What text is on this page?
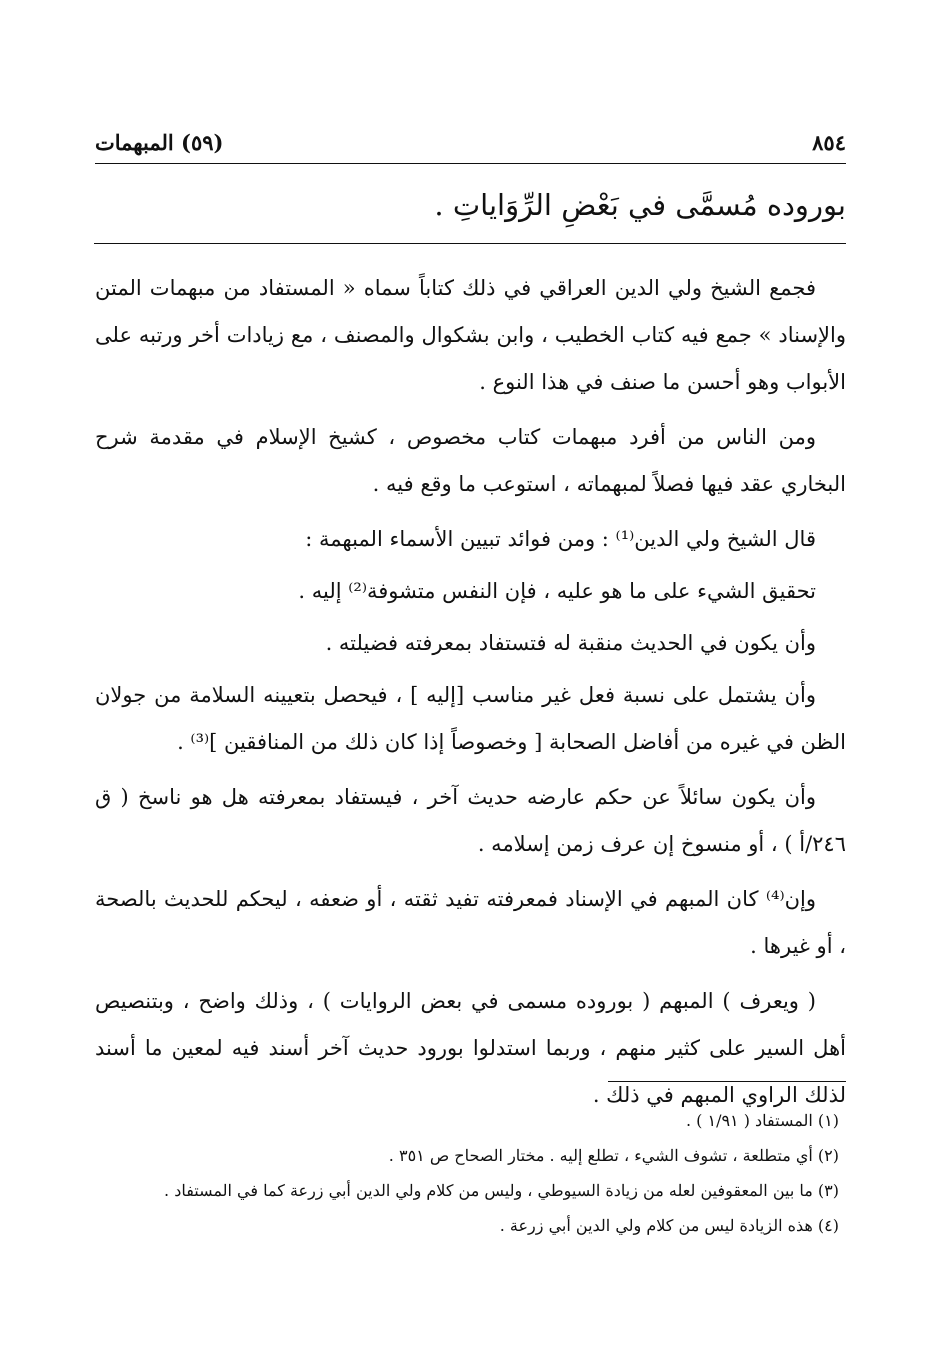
٨٥٤
(٥٩) المبهمات
بوروده مُسمَّى في بَعْضِ الرِّوَاياتِ .

فجمع الشيخ ولي الدين العراقي في ذلك كتاباً سماه « المستفاد من مبهمات المتن والإسناد » جمع فيه كتاب الخطيب ، وابن بشكوال والمصنف ، مع زيادات أخر ورتبه على الأبواب وهو أحسن ما صنف في هذا النوع .

ومن الناس من أفرد مبهمات كتاب مخصوص ، كشيخ الإسلام في مقدمة شرح البخاري عقد فيها فصلاً لمبهماته ، استوعب ما وقع فيه .

قال الشيخ ولي الدين⁽¹⁾ : ومن فوائد تبيين الأسماء المبهمة :

تحقيق الشيء على ما هو عليه ، فإن النفس متشوفة⁽²⁾ إليه .

وأن يكون في الحديث منقبة له فتستفاد بمعرفته فضيلته .

وأن يشتمل على نسبة فعل غير مناسب [إليه ] ، فيحصل بتعيينه السلامة من جولان الظن في غيره من أفاضل الصحابة [ وخصوصاً إذا كان ذلك من المنافقين ]⁽³⁾ .

وأن يكون سائلاً عن حكم عارضه حديث آخر ، فيستفاد بمعرفته هل هو ناسخ ( ق ٢٤٦/أ ) ، أو منسوخ إن عرف زمن إسلامه .

وإن⁽⁴⁾ كان المبهم في الإسناد فمعرفته تفيد ثقته ، أو ضعفه ، ليحكم للحديث بالصحة ، أو غيرها .

( ويعرف ) المبهم ( بوروده مسمى في بعض الروايات ) ، وذلك واضح ، وبتنصيص أهل السير على كثير منهم ، وربما استدلوا بورود حديث آخر أسند فيه لمعين ما أسند لذلك الراوي المبهم في ذلك .

(١) المستفاد ( ١/٩١ ) .
(٢) أي متطلعة ، تشوف الشيء ، تطلع إليه . مختار الصحاح ص ٣٥١ .
(٣) ما بين المعقوفين لعله من زيادة السيوطي ، وليس من كلام ولي الدين أبي زرعة كما في المستفاد .
(٤) هذه الزيادة ليس من كلام ولي الدين أبي زرعة .
